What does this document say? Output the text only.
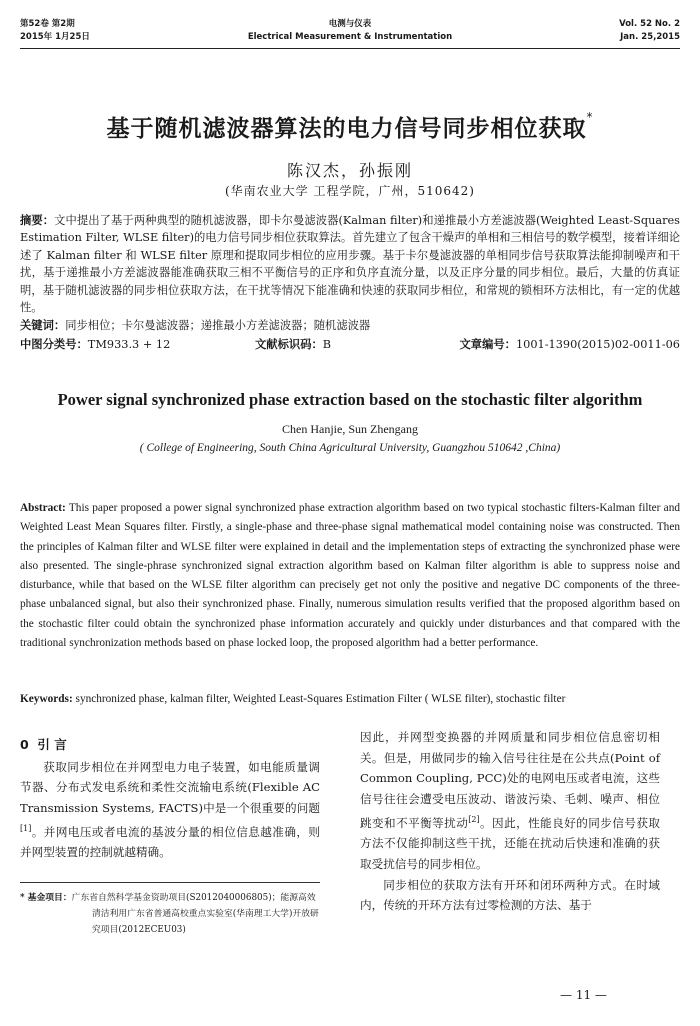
第52卷 第2期
2015年 1月25日
电测与仪表
Electrical Measurement & Instrumentation
Vol. 52 No. 2
Jan. 25,2015
基于随机滤波器算法的电力信号同步相位获取*
陈汉杰，孙振刚
(华南农业大学 工程学院，广州，510642)
摘要：文中提出了基于两种典型的随机滤波器，即卡尔曼滤波器(Kalman filter)和递推最小方差滤波器(Weighted Least-Squares Estimation Filter, WLSE filter)的电力信号同步相位获取算法。首先建立了包含干燥声的单相和三相信号的数学模型，接着详细论述了 Kalman filter 和 WLSE filter 原理和提取同步相位的应用步骤。基于卡尔曼滤波器的单相同步信号获取算法能抑制噪声和干扰，基于递推最小方差滤波器能准确获取三相不平衡信号的正序和负序直流分量，以及正序分量的同步相位。最后，大量的仿真证明，基于随机滤波器的同步相位获取方法，在干扰等情况下能准确和快速的获取同步相位，和常规的锁相环方法相比，有一定的优越性。
关键词：同步相位；卡尔曼滤波器；递推最小方差滤波器；随机滤波器
中图分类号：TM933.3 + 12	文献标识码：B	文章编号：1001-1390(2015)02-0011-06
Power signal synchronized phase extraction based on the stochastic filter algorithm
Chen Hanjie, Sun Zhengang
( College of Engineering, South China Agricultural University, Guangzhou 510642 ,China)
Abstract: This paper proposed a power signal synchronized phase extraction algorithm based on two typical stochastic filters-Kalman filter and Weighted Least Mean Squares filter. Firstly, a single-phase and three-phase signal mathematical model containing noise was constructed. Then the principles of Kalman filter and WLSE filter were explained in detail and the implementation steps of extracting the synchronized phase were also presented. The single-phrase synchronized signal extraction algorithm based on Kalman filter algorithm is able to suppress noise and disturbance, while that based on the WLSE filter algorithm can precisely get not only the positive and negative DC components of the three-phase unbalanced signal, but also their synchronized phase. Finally, numerous simulation results verified that the proposed algorithm based on the stochastic filter could obtain the synchronized phase information accurately and quickly under disturbances and that compared with the traditional synchronization methods based on phase locked loop, the proposed algorithm had a better performance.
Keywords: synchronized phase, kalman filter, Weighted Least-Squares Estimation Filter ( WLSE filter), stochastic filter
0 引 言

获取同步相位在并网型电力电子装置，如电能质量调节器、分布式发电系统和柔性交流输电系统(Flexible AC Transmission Systems, FACTS)中是一个很重要的问题[1]。并网电压或者电流的基波分量的相位信息越准确，则并网型装置的控制就越精确。

* 基金项目：广东省自然科学基金资助项目(S2012040006805)；能源高效清洁利用广东省普通高校重点实验室(华南理工大学)开放研究项目(2012ECEU03)

因此，并网型变换器的并网质量和同步相位信息密切相关。但是，用做同步的输入信号往往是在公共点(Point of Common Coupling, PCC)处的电网电压或者电流，这些信号往往会遭受电压波动、谐波污染、毛刺、噪声、相位跳变和不平衡等扰动[2]。因此，性能良好的同步信号获取方法不仅能抑制这些干扰，还能在扰动后快速和准确的获取受扰信号的同步相位。

同步相位的获取方法有开环和闭环两种方式。在时域内，传统的开环方法有过零检测的方法、基于

— 11 —
